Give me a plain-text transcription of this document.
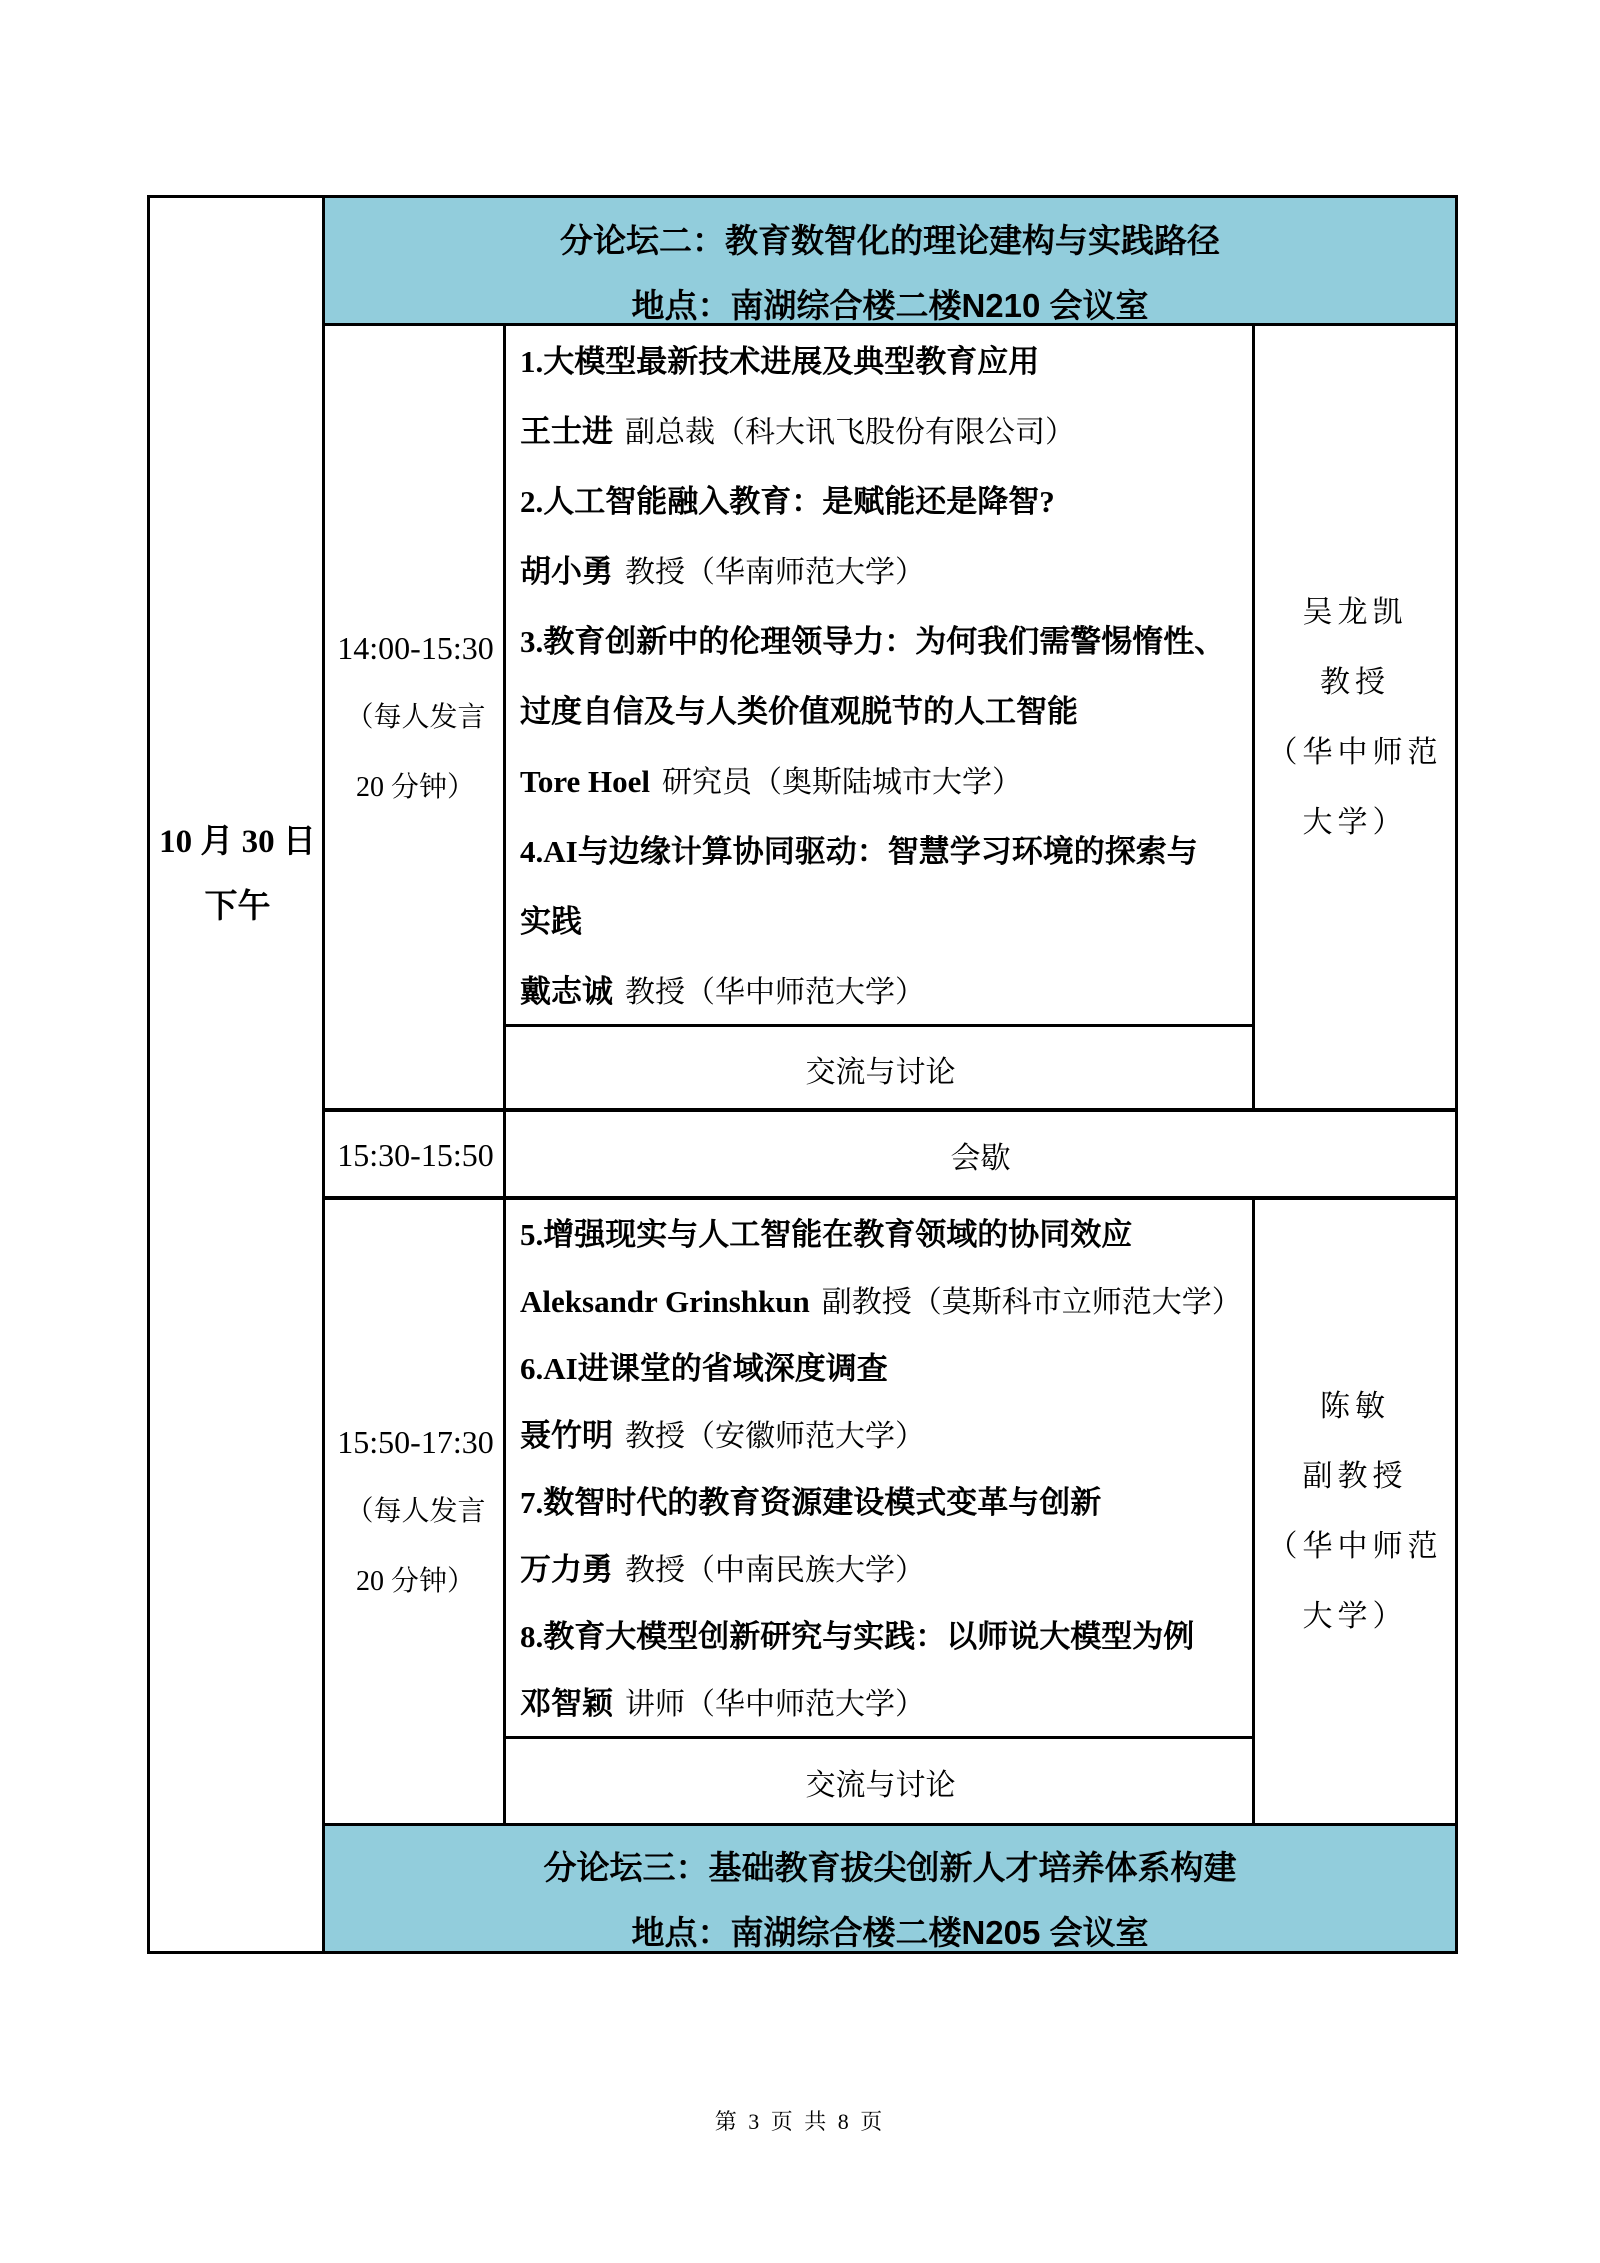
10 月 30 日
下午
分论坛二：教育数智化的理论建构与实践路径
地点：南湖综合楼二楼N210 会议室
14:00-15:30
（每人发言
20 分钟）
1.大模型最新技术进展及典型教育应用
王士进 副总裁（科大讯飞股份有限公司）
2.人工智能融入教育：是赋能还是降智?
胡小勇 教授（华南师范大学）
3.教育创新中的伦理领导力：为何我们需警惕惰性、
过度自信及与人类价值观脱节的人工智能
Tore Hoel 研究员（奥斯陆城市大学）
4.AI与边缘计算协同驱动：智慧学习环境的探索与
实践
戴志诚 教授（华中师范大学）
吴龙凯
教授
（华中师范
大学）
交流与讨论
15:30-15:50	会歇
15:50-17:30
（每人发言
20 分钟）
5.增强现实与人工智能在教育领域的协同效应
Aleksandr Grinshkun 副教授（莫斯科市立师范大学）
6.AI进课堂的省域深度调查
聂竹明 教授（安徽师范大学）
7.数智时代的教育资源建设模式变革与创新
万力勇 教授（中南民族大学）
8.教育大模型创新研究与实践：以师说大模型为例
邓智颖 讲师（华中师范大学）
陈敏
副教授
（华中师范
大学）
交流与讨论
分论坛三：基础教育拔尖创新人才培养体系构建
地点：南湖综合楼二楼N205 会议室
第 3 页 共 8 页
